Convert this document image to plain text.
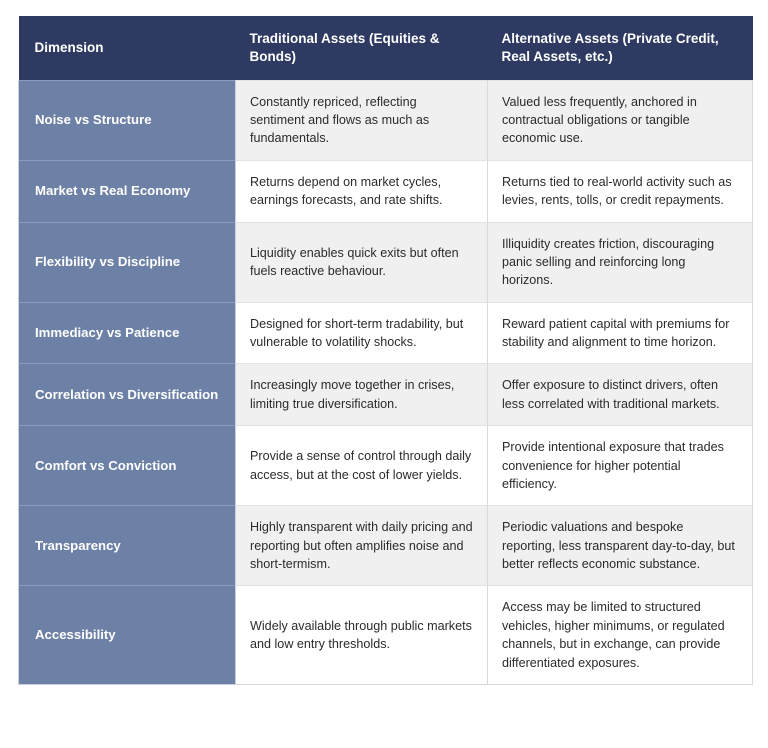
Dimension	Traditional Assets (Equities & Bonds)	Alternative Assets (Private Credit, Real Assets, etc.)

Noise vs Structure	Constantly repriced, reflecting sentiment and flows as much as fundamentals.	Valued less frequently, anchored in contractual obligations or tangible economic use.

Market vs Real Economy	Returns depend on market cycles, earnings forecasts, and rate shifts.	Returns tied to real-world activity such as levies, rents, tolls, or credit repayments.

Flexibility vs Discipline	Liquidity enables quick exits but often fuels reactive behaviour.	Illiquidity creates friction, discouraging panic selling and reinforcing long horizons.

Immediacy vs Patience	Designed for short-term tradability, but vulnerable to volatility shocks.	Reward patient capital with premiums for stability and alignment to time horizon.

Correlation vs Diversification	Increasingly move together in crises, limiting true diversification.	Offer exposure to distinct drivers, often less correlated with traditional markets.

Comfort vs Conviction	Provide a sense of control through daily access, but at the cost of lower yields.	Provide intentional exposure that trades convenience for higher potential efficiency.

Transparency	Highly transparent with daily pricing and reporting but often amplifies noise and short-termism.	Periodic valuations and bespoke reporting, less transparent day-to-day, but better reflects economic substance.

Accessibility	Widely available through public markets and low entry thresholds.	Access may be limited to structured vehicles, higher minimums, or regulated channels, but in exchange, can provide differentiated exposures.
